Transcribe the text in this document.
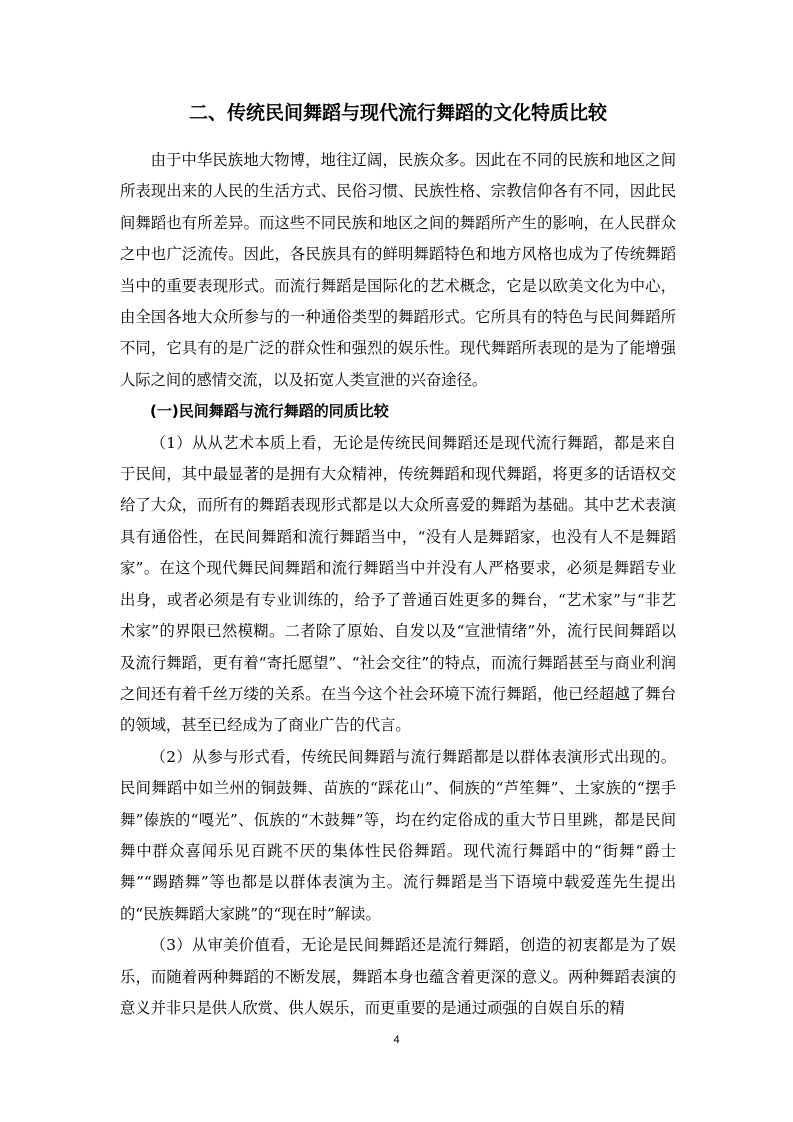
二、传统民间舞蹈与现代流行舞蹈的文化特质比较

由于中华民族地大物博，地往辽阔，民族众多。因此在不同的民族和地区之间所表现出来的人民的生活方式、民俗习惯、民族性格、宗教信仰各有不同，因此民间舞蹈也有所差异。而这些不同民族和地区之间的舞蹈所产生的影响，在人民群众之中也广泛流传。因此，各民族具有的鲜明舞蹈特色和地方风格也成为了传统舞蹈当中的重要表现形式。而流行舞蹈是国际化的艺术概念，它是以欧美文化为中心，由全国各地大众所参与的一种通俗类型的舞蹈形式。它所具有的特色与民间舞蹈所不同，它具有的是广泛的群众性和强烈的娱乐性。现代舞蹈所表现的是为了能增强人际之间的感情交流，以及拓宽人类宣泄的兴奋途径。

(一)民间舞蹈与流行舞蹈的同质比较

（1）从从艺术本质上看，无论是传统民间舞蹈还是现代流行舞蹈，都是来自于民间，其中最显著的是拥有大众精神，传统舞蹈和现代舞蹈，将更多的话语权交给了大众，而所有的舞蹈表现形式都是以大众所喜爱的舞蹈为基础。其中艺术表演具有通俗性，在民间舞蹈和流行舞蹈当中，“没有人是舞蹈家，也没有人不是舞蹈家”。在这个现代舞民间舞蹈和流行舞蹈当中并没有人严格要求，必须是舞蹈专业出身，或者必须是有专业训练的，给予了普通百姓更多的舞台，“艺术家”与“非艺术家”的界限已然模糊。二者除了原始、自发以及“宣泄情绪”外，流行民间舞蹈以及流行舞蹈，更有着“寄托愿望”、“社会交往”的特点，而流行舞蹈甚至与商业利润之间还有着千丝万缕的关系。在当今这个社会环境下流行舞蹈，他已经超越了舞台的领域，甚至已经成为了商业广告的代言。

（2）从参与形式看，传统民间舞蹈与流行舞蹈都是以群体表演形式出现的。民间舞蹈中如兰州的铜鼓舞、苗族的“踩花山”、侗族的“芦笙舞”、土家族的“摆手舞”傣族的“嘎光”、佤族的“木鼓舞”等，均在约定俗成的重大节日里跳，都是民间舞中群众喜闻乐见百跳不厌的集体性民俗舞蹈。现代流行舞蹈中的“街舞“爵士舞”“踢踏舞”等也都是以群体表演为主。流行舞蹈是当下语境中载爱莲先生提出的“民族舞蹈大家跳”的“现在时”解读。

（3）从审美价值看，无论是民间舞蹈还是流行舞蹈，创造的初衷都是为了娱乐，而随着两种舞蹈的不断发展，舞蹈本身也蕴含着更深的意义。两种舞蹈表演的意义并非只是供人欣赏、供人娱乐，而更重要的是通过顽强的自娱自乐的精

4
